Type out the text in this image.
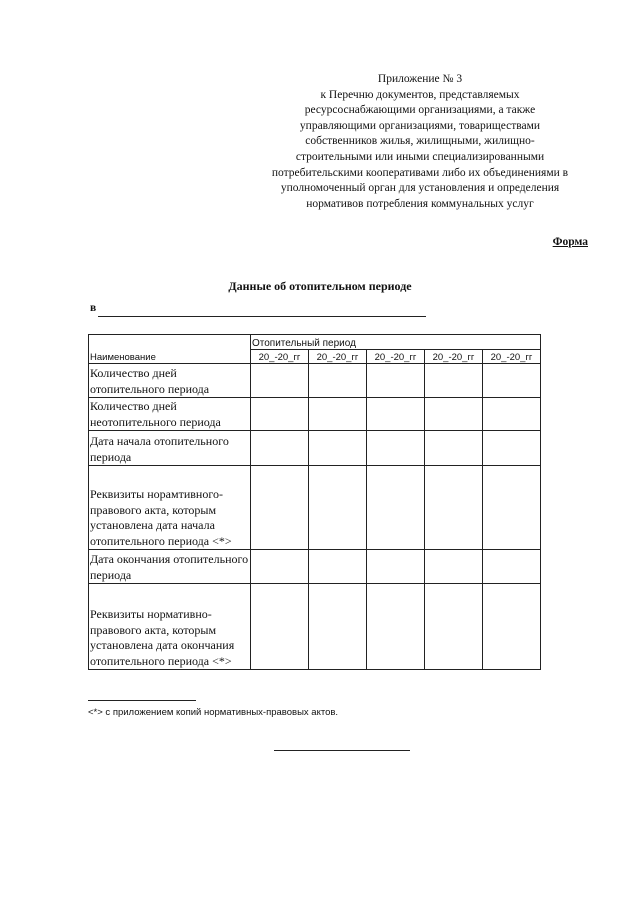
Приложение № 3
к Перечню документов, представляемых
ресурсоснабжающими организациями, а также
управляющими организациями, товариществами
собственников жилья, жилищными, жилищно-
строительными или иными специализированными
потребительскими кооперативами либо их объединениями в
уполномоченный орган для установления и определения
нормативов потребления коммунальных услуг
Форма
Данные об отопительном периоде
в
Наименование	Отопительный период				
	20_-20_гг	20_-20_гг	20_-20_гг	20_-20_гг	20_-20_гг
Количество дней отопительного периода					
Количество дней неотопительного периода					
Дата начала отопительного периода					
Реквизиты норамтивного-правового акта, которым установлена дата начала отопительного периода <*>					
Дата окончания отопительного периода					
Реквизиты нормативно-правового акта, которым установлена дата окончания отопительного периода <*>					
<*> с приложением копий нормативных-правовых актов.
